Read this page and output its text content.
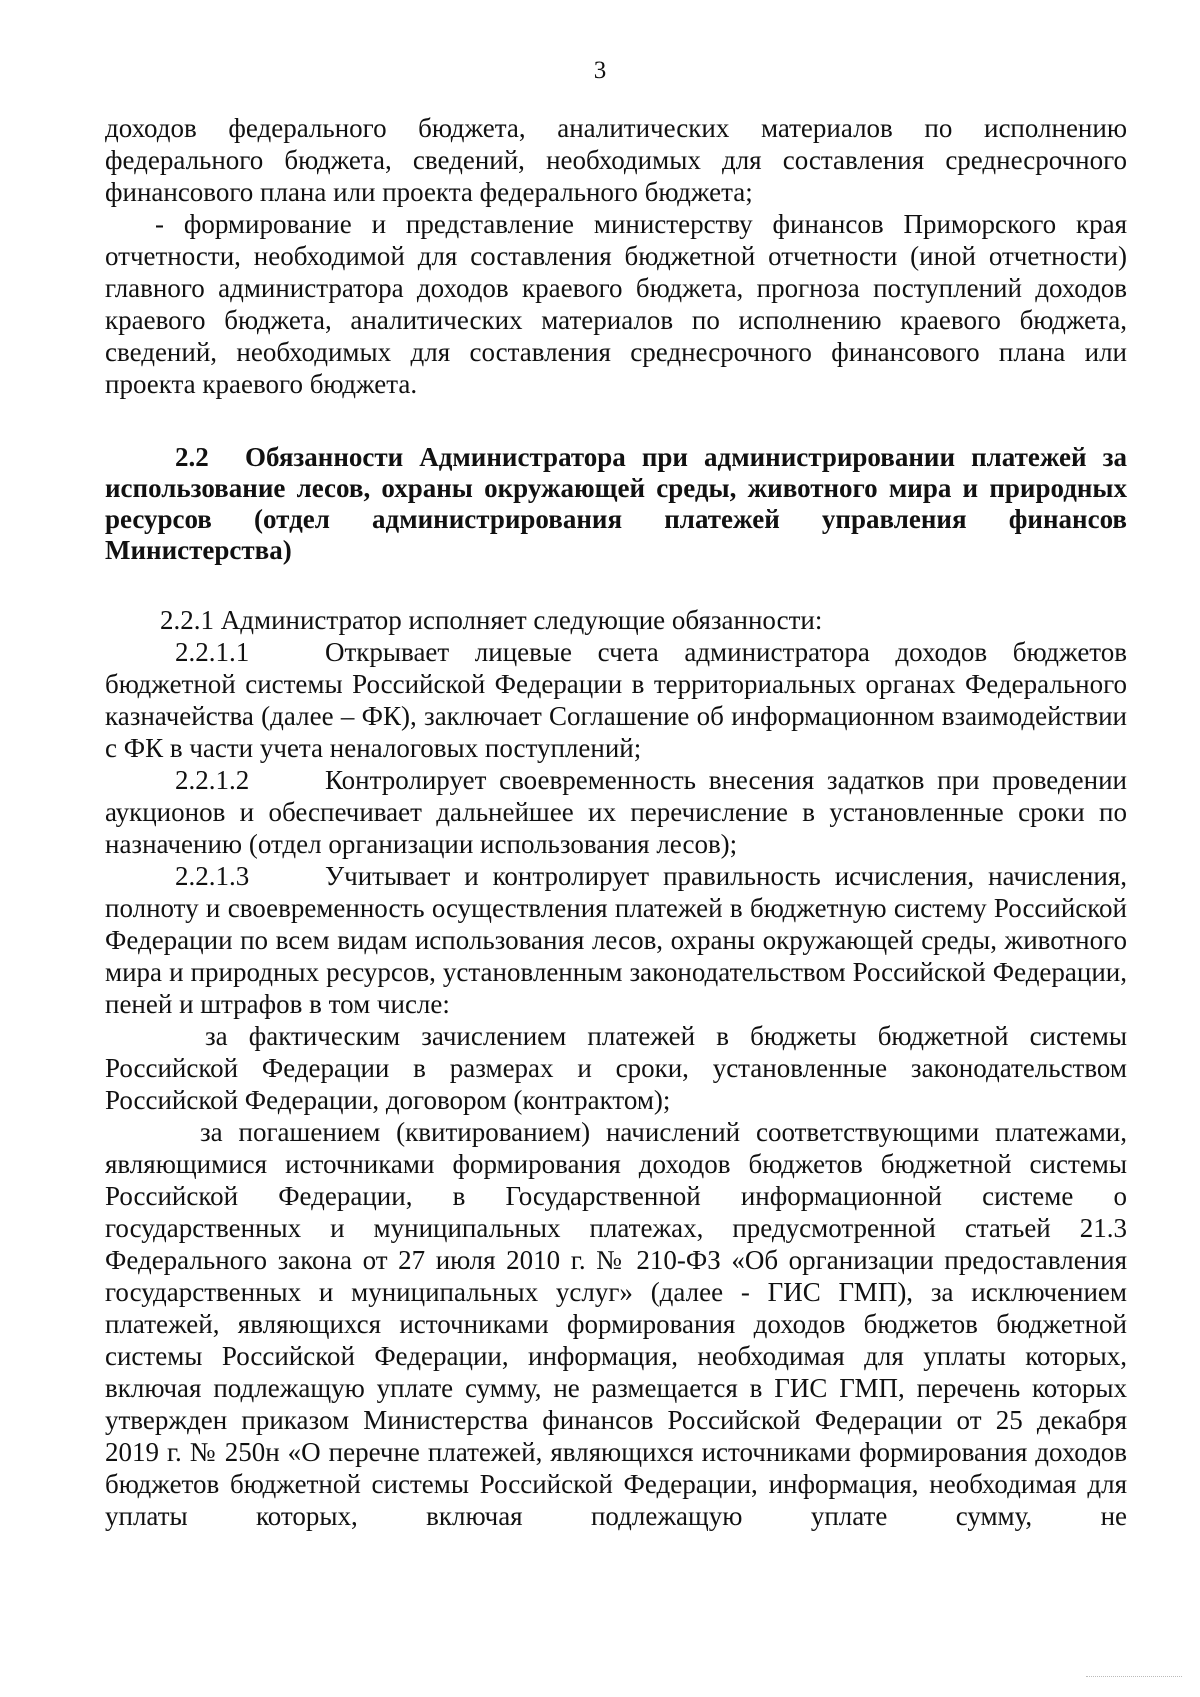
3

доходов федерального бюджета, аналитических материалов по исполнению федерального бюджета, сведений, необходимых для составления среднесрочного финансового плана или проекта федерального бюджета;

- формирование и представление министерству финансов Приморского края отчетности, необходимой для составления бюджетной отчетности (иной отчетности) главного администратора доходов краевого бюджета, прогноза поступлений доходов краевого бюджета, аналитических материалов по исполнению краевого бюджета, сведений, необходимых для составления среднесрочного финансового плана или проекта краевого бюджета.

2.2 Обязанности Администратора при администрировании платежей за использование лесов, охраны окружающей среды, животного мира и природных ресурсов (отдел администрирования платежей управления финансов Министерства)

2.2.1 Администратор исполняет следующие обязанности:

2.2.1.1	Открывает лицевые счета администратора доходов бюджетов бюджетной системы Российской Федерации в территориальных органах Федерального казначейства (далее – ФК), заключает Соглашение об информационном взаимодействии с ФК в части учета неналоговых поступлений;

2.2.1.2	Контролирует своевременность внесения задатков при проведении аукционов и обеспечивает дальнейшее их перечисление в установленные сроки по назначению (отдел организации использования лесов);

2.2.1.3	Учитывает и контролирует правильность исчисления, начисления, полноту и своевременность осуществления платежей в бюджетную систему Российской Федерации по всем видам использования лесов, охраны окружающей среды, животного мира и природных ресурсов, установленным законодательством Российской Федерации, пеней и штрафов в том числе:

за фактическим зачислением платежей в бюджеты бюджетной системы Российской Федерации в размерах и сроки, установленные законодательством Российской Федерации, договором (контрактом);

за погашением (квитированием) начислений соответствующими платежами, являющимися источниками формирования доходов бюджетов бюджетной системы Российской Федерации, в Государственной информационной системе о государственных и муниципальных платежах, предусмотренной статьей 21.3 Федерального закона от 27 июля 2010 г. № 210-ФЗ «Об организации предоставления государственных и муниципальных услуг» (далее - ГИС ГМП), за исключением платежей, являющихся источниками формирования доходов бюджетов бюджетной системы Российской Федерации, информация, необходимая для уплаты которых, включая подлежащую уплате сумму, не размещается в ГИС ГМП, перечень которых утвержден приказом Министерства финансов Российской Федерации от 25 декабря 2019 г. № 250н «О перечне платежей, являющихся источниками формирования доходов бюджетов бюджетной системы Российской Федерации, информация, необходимая для уплаты которых, включая подлежащую уплате сумму, не
